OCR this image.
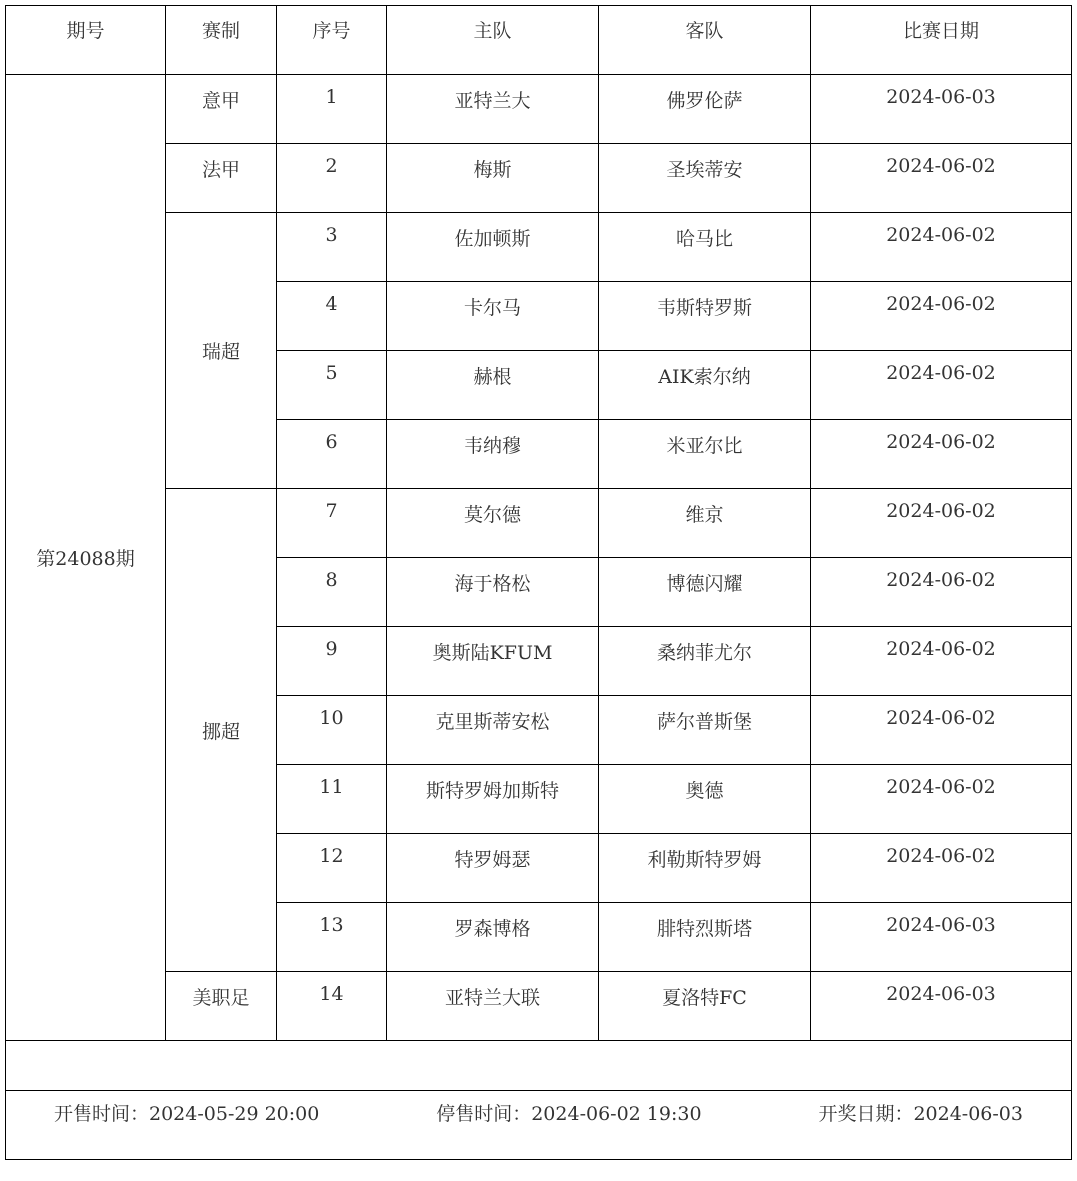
期号	赛制	序号	主队	客队	比赛日期
第24088期	意甲	1	亚特兰大	佛罗伦萨	2024-06-03
	法甲	2	梅斯	圣埃蒂安	2024-06-02
	瑞超	3	佐加顿斯	哈马比	2024-06-02
		4	卡尔马	韦斯特罗斯	2024-06-02
		5	赫根	AIK索尔纳	2024-06-02
		6	韦纳穆	米亚尔比	2024-06-02
	挪超	7	莫尔德	维京	2024-06-02
		8	海于格松	博德闪耀	2024-06-02
		9	奥斯陆KFUM	桑纳菲尤尔	2024-06-02
		10	克里斯蒂安松	萨尔普斯堡	2024-06-02
		11	斯特罗姆加斯特	奥德	2024-06-02
		12	特罗姆瑟	利勒斯特罗姆	2024-06-02
		13	罗森博格	腓特烈斯塔	2024-06-03
	美职足	14	亚特兰大联	夏洛特FC	2024-06-03

开售时间：2024-05-29 20:00 停售时间：2024-06-02 19:30 开奖日期：2024-06-03					
